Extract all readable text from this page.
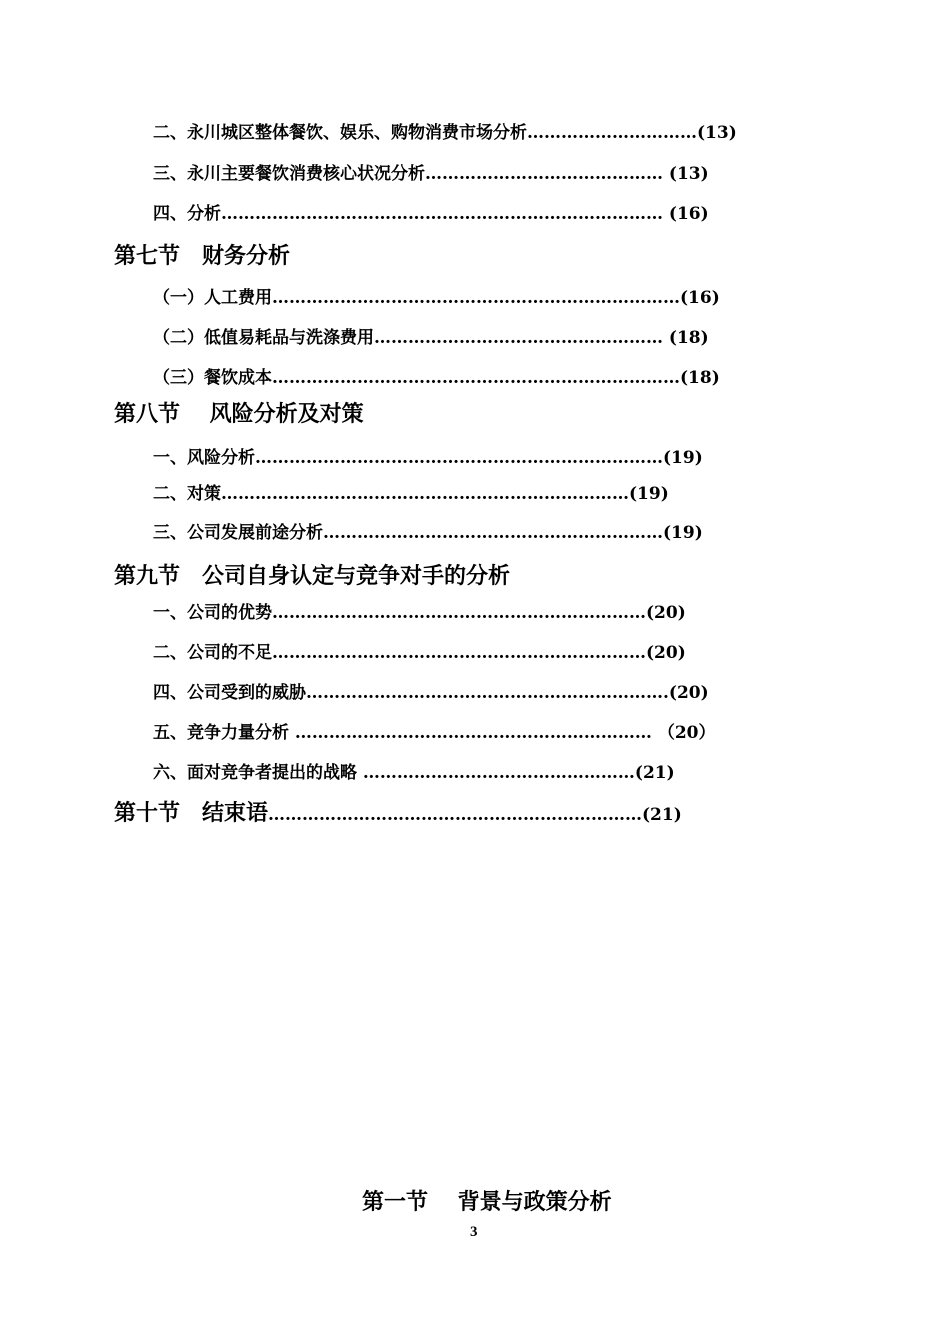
二、永川城区整体餐饮、娱乐、购物消费市场分析…………………………(13)
三、永川主要餐饮消费核心状况分析…………………………………… (13)
四、分析…………………………………………………………………… (16)
第七节　财务分析
（一）人工费用………………………………………………………………(16)
（二）低值易耗品与洗涤费用…………………………………………… (18)
（三）餐饮成本………………………………………………………………(18)
第八节　 风险分析及对策
一、风险分析………………………………………………………………(19)
二、对策………………………………………………………………(19)
三、公司发展前途分析……………………………………………………(19)
第九节　公司自身认定与竞争对手的分析
一、公司的优势…………………………………………………………(20)
二、公司的不足…………………………………………………………(20)
四、公司受到的威胁……………………………………………………….(20)
五、竞争力量分析 ……………………………………………………… （20）
六、面对竞争者提出的战略 …………………………………………(21)
第十节　结束语…………………………………………………………(21)
第一节　 背景与政策分析
3
